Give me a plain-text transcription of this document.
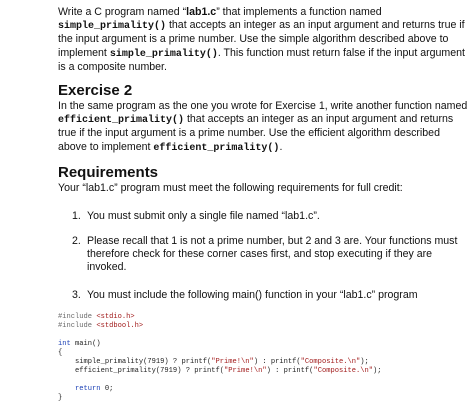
Write a C program named “lab1.c” that implements a function named
simple_primality() that accepts an integer as an input argument and returns true if the input argument is a prime number. Use the simple algorithm described above to implement simple_primality(). This function must return false if the input argument is a composite number.
Exercise 2
In the same program as the one you wrote for Exercise 1, write another function named efficient_primality() that accepts an integer as an input argument and returns true if the input argument is a prime number. Use the efficient algorithm described above to implement efficient_primality().
Requirements
Your “lab1.c” program must meet the following requirements for full credit:
1. You must submit only a single file named “lab1.c”.
2. Please recall that 1 is not a prime number, but 2 and 3 are. Your functions must therefore check for these corner cases first, and stop executing if they are invoked.
3. You must include the following main() function in your “lab1.c” program
#include <stdio.h>
#include <stdbool.h>

int main()
{
simple_primality(7919) ? printf("Prime!\n") : printf("Composite.\n");
efficient_primality(7919) ? printf("Prime!\n") : printf("Composite.\n");

return 0;
}
